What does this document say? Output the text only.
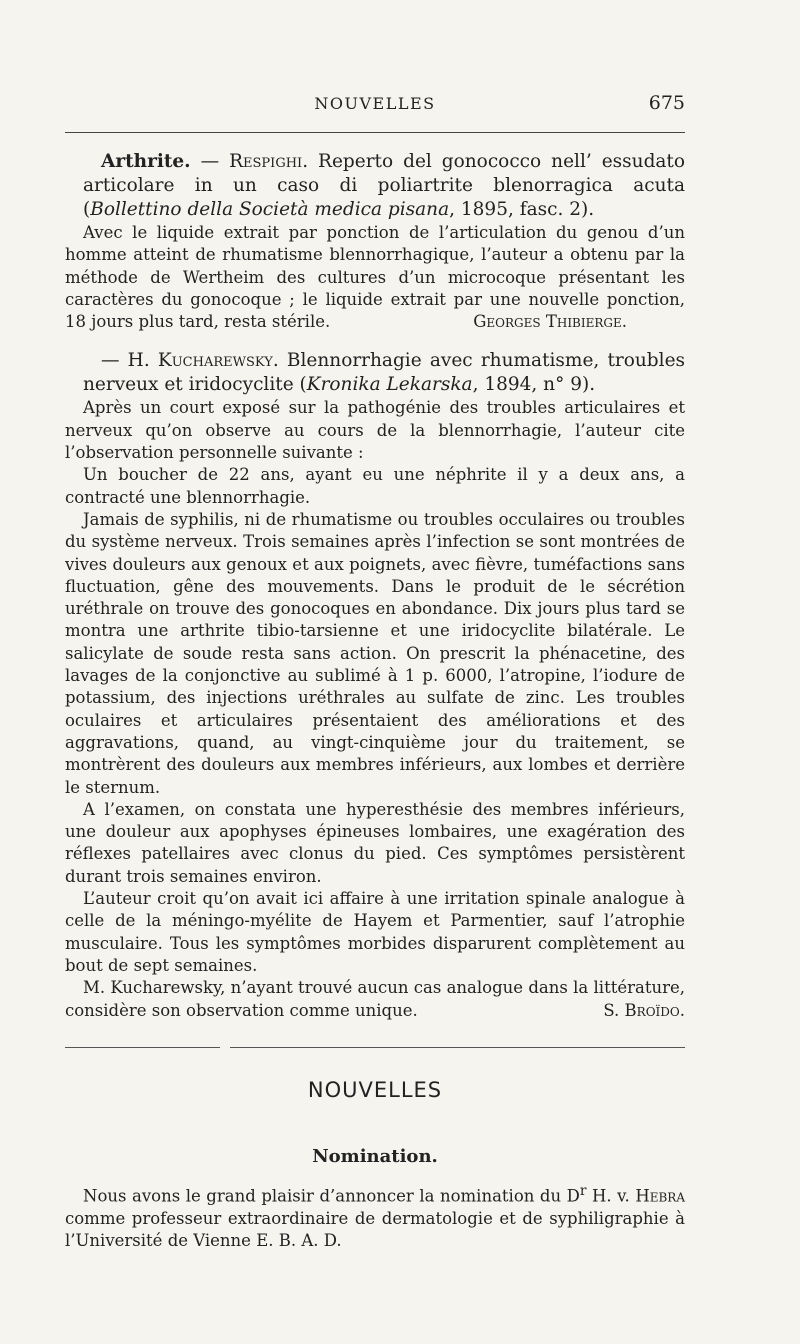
NOUVELLES	675

Arthrite. — Respighi. Reperto del gonococco nell’ essudato articolare in un caso di poliartrite blenorragica acuta (Bollettino della Società medica pisana, 1895, fasc. 2).

Avec le liquide extrait par ponction de l’articulation du genou d’un homme atteint de rhumatisme blennorrhagique, l’auteur a obtenu par la méthode de Wertheim des cultures d’un microcoque présentant les caractères du gonocoque ; le liquide extrait par une nouvelle ponction, 18 jours plus tard, resta stérile.	Georges Thibierge.

— H. Kucharewsky. Blennorrhagie avec rhumatisme, troubles nerveux et iridocyclite (Kronika Lekarska, 1894, n° 9).

Après un court exposé sur la pathogénie des troubles articulaires et nerveux qu’on observe au cours de la blennorrhagie, l’auteur cite l’observation personnelle suivante :

Un boucher de 22 ans, ayant eu une néphrite il y a deux ans, a contracté une blennorrhagie.

Jamais de syphilis, ni de rhumatisme ou troubles occulaires ou troubles du système nerveux. Trois semaines après l’infection se sont montrées de vives douleurs aux genoux et aux poignets, avec fièvre, tuméfactions sans fluctuation, gêne des mouvements. Dans le produit de le sécrétion uréthrale on trouve des gonocoques en abondance. Dix jours plus tard se montra une arthrite tibio-tarsienne et une iridocyclite bilatérale. Le salicylate de soude resta sans action. On prescrit la phénacetine, des lavages de la conjonctive au sublimé à 1 p. 6000, l’atropine, l’iodure de potassium, des injections uréthrales au sulfate de zinc. Les troubles oculaires et articulaires présentaient des améliorations et des aggravations, quand, au vingt-cinquième jour du traitement, se montrèrent des douleurs aux membres inférieurs, aux lombes et derrière le sternum.

A l’examen, on constata une hyperesthésie des membres inférieurs, une douleur aux apophyses épineuses lombaires, une exagération des réflexes patellaires avec clonus du pied. Ces symptômes persistèrent durant trois semaines environ.

L’auteur croit qu’on avait ici affaire à une irritation spinale analogue à celle de la méningo-myélite de Hayem et Parmentier, sauf l’atrophie musculaire. Tous les symptômes morbides disparurent complètement au bout de sept semaines.

M. Kucharewsky, n’ayant trouvé aucun cas analogue dans la littérature, considère son observation comme unique.	S. Broïdo.

NOUVELLES
Nomination.

Nous avons le grand plaisir d’annoncer la nomination du $D^r$ H. v. Hebra comme professeur extraordinaire de dermatologie et de syphiligraphie à l’Université de Vienne E. B. A. D.
